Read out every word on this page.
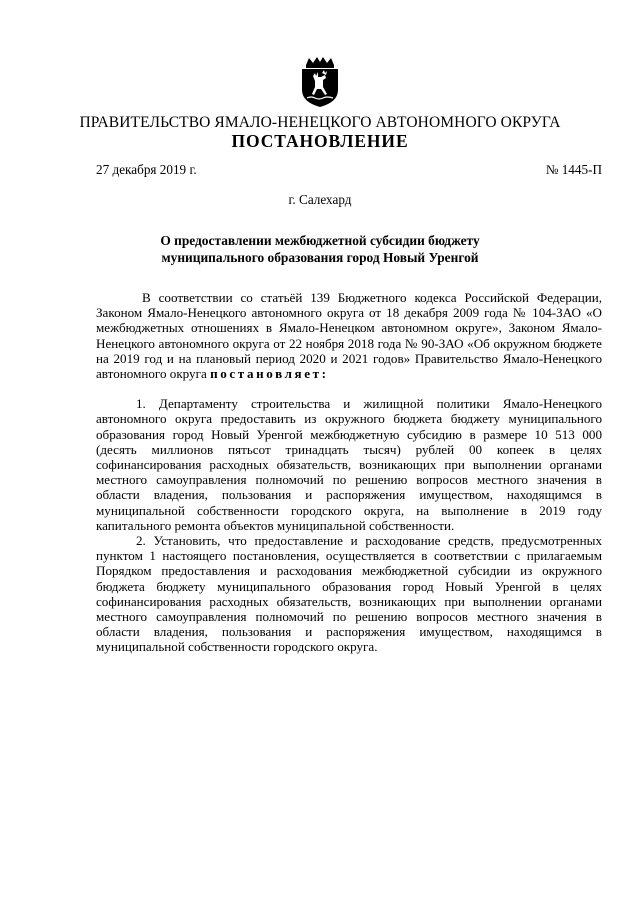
ПРАВИТЕЛЬСТВО ЯМАЛО-НЕНЕЦКОГО АВТОНОМНОГО ОКРУГА
ПОСТАНОВЛЕНИЕ
27 декабря 2019 г.	№ 1445-П
г. Салехард
О предоставлении межбюджетной субсидии бюджету
муниципального образования город Новый Уренгой

В соответствии со статьёй 139 Бюджетного кодекса Российской Федерации, Законом Ямало-Ненецкого автономного округа от 18 декабря 2009 года № 104-ЗАО «О межбюджетных отношениях в Ямало-Ненецком автономном округе», Законом Ямало-Ненецкого автономного округа от 22 ноября 2018 года № 90-ЗАО «Об окружном бюджете на 2019 год и на плановый период 2020 и 2021 годов» Правительство Ямало-Ненецкого автономного округа постановляет:

1. Департаменту строительства и жилищной политики Ямало-Ненецкого автономного округа предоставить из окружного бюджета бюджету муниципального образования город Новый Уренгой межбюджетную субсидию в размере 10 513 000 (десять миллионов пятьсот тринадцать тысяч) рублей 00 копеек в целях софинансирования расходных обязательств, возникающих при выполнении органами местного самоуправления полномочий по решению вопросов местного значения в области владения, пользования и распоряжения имуществом, находящимся в муниципальной собственности городского округа, на выполнение в 2019 году капитального ремонта объектов муниципальной собственности.

2. Установить, что предоставление и расходование средств, предусмотренных пунктом 1 настоящего постановления, осуществляется в соответствии с прилагаемым Порядком предоставления и расходования межбюджетной субсидии из окружного бюджета бюджету муниципального образования город Новый Уренгой в целях софинансирования расходных обязательств, возникающих при выполнении органами местного самоуправления полномочий по решению вопросов местного значения в области владения, пользования и распоряжения имуществом, находящимся в муниципальной собственности городского округа.
